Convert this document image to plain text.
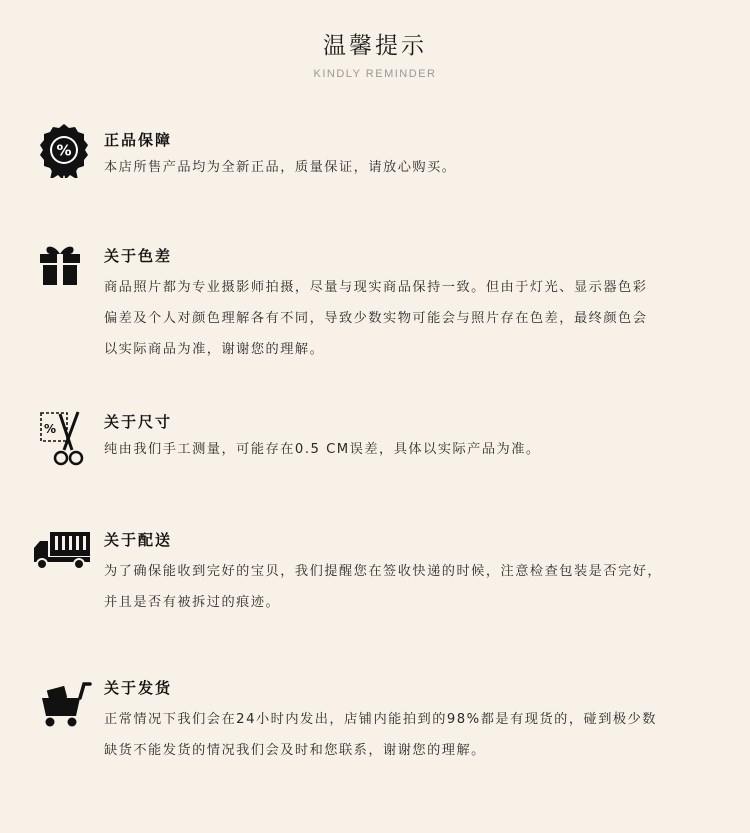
温馨提示
KINDLY REMINDER
%
正品保障
本店所售产品均为全新正品，质量保证，请放心购买。
关于色差
商品照片都为专业摄影师拍摄，尽量与现实商品保持一致。但由于灯光、显示器色彩
偏差及个人对颜色理解各有不同，导致少数实物可能会与照片存在色差，最终颜色会
以实际商品为准，谢谢您的理解。
%	关于尺寸
纯由我们手工测量，可能存在0.5 CM误差，具体以实际产品为准。
关于配送
为了确保能收到完好的宝贝，我们提醒您在签收快递的时候，注意检查包装是否完好，
并且是否有被拆过的痕迹。
关于发货
正常情况下我们会在24小时内发出，店铺内能拍到的98%都是有现货的，碰到极少数
缺货不能发货的情况我们会及时和您联系，谢谢您的理解。
